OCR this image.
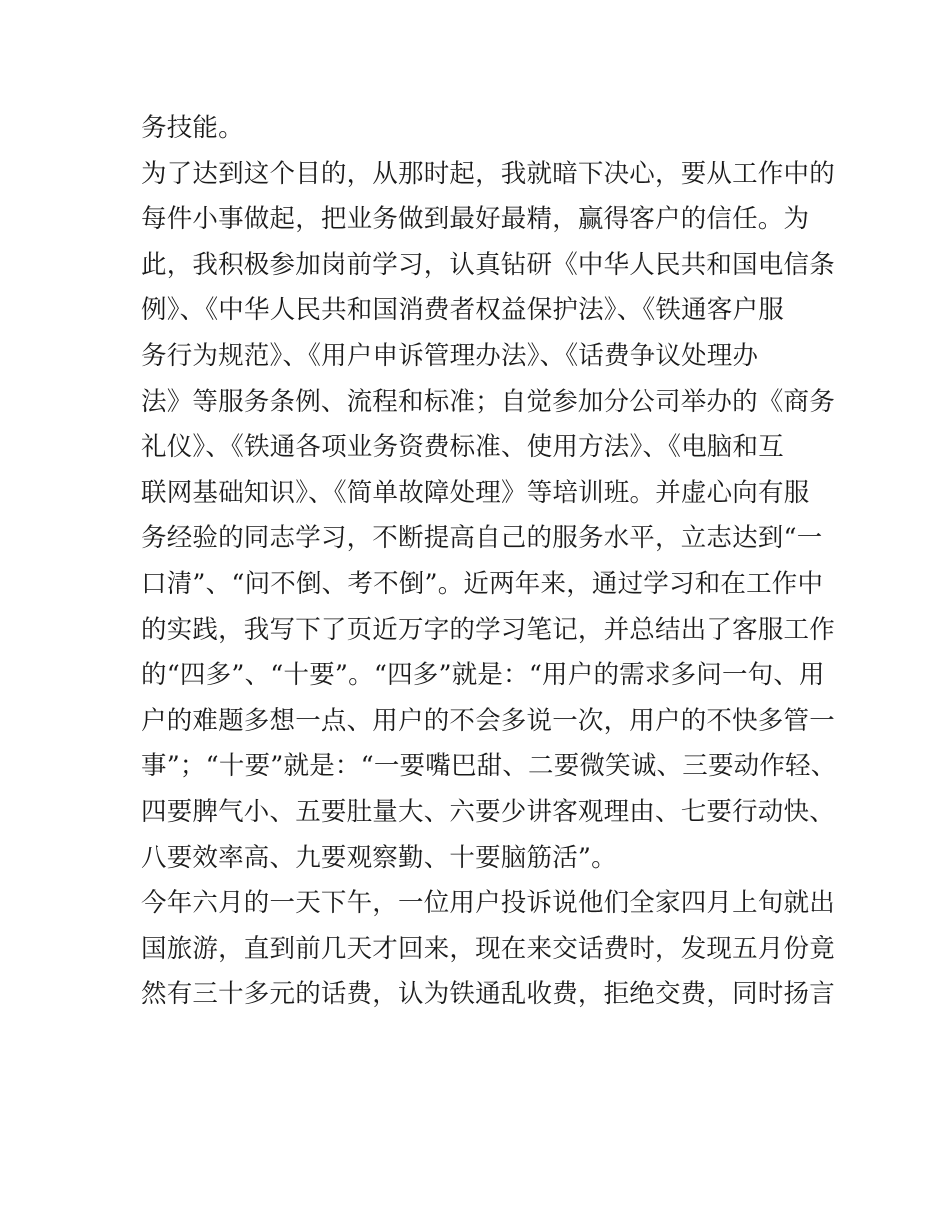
务技能。
为了达到这个目的，从那时起，我就暗下决心，要从工作中的
每件小事做起，把业务做到最好最精，赢得客户的信任。为
此，我积极参加岗前学习，认真钻研《中华人民共和国电信条
例》、《中华人民共和国消费者权益保护法》、《铁通客户服
务行为规范》、《用户申诉管理办法》、《话费争议处理办
法》等服务条例、流程和标准；自觉参加分公司举办的《商务
礼仪》、《铁通各项业务资费标准、使用方法》、《电脑和互
联网基础知识》、《简单故障处理》等培训班。并虚心向有服
务经验的同志学习，不断提高自己的服务水平，立志达到“一
口清”、“问不倒、考不倒”。近两年来，通过学习和在工作中
的实践，我写下了页近万字的学习笔记，并总结出了客服工作
的“四多”、“十要”。“四多”就是：“用户的需求多问一句、用
户的难题多想一点、用户的不会多说一次，用户的不快多管一
事”；“十要”就是：“一要嘴巴甜、二要微笑诚、三要动作轻、
四要脾气小、五要肚量大、六要少讲客观理由、七要行动快、
八要效率高、九要观察勤、十要脑筋活”。
今年六月的一天下午，一位用户投诉说他们全家四月上旬就出
国旅游，直到前几天才回来，现在来交话费时，发现五月份竟
然有三十多元的话费，认为铁通乱收费，拒绝交费，同时扬言
